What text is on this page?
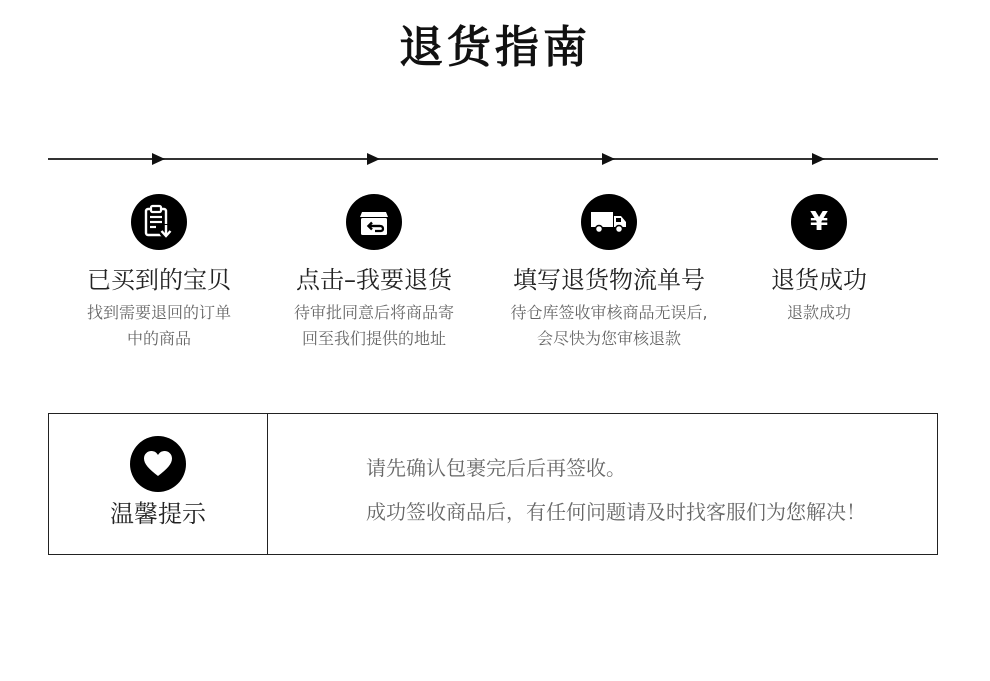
退货指南
已买到的宝贝
找到需要退回的订单
中的商品
点击–我要退货
待审批同意后将商品寄
回至我们提供的地址
填写退货物流单号
待仓库签收审核商品无误后,
会尽快为您审核退款
¥
退货成功
退款成功
温馨提示
请先确认包裹完后后再签收。
成功签收商品后，有任何问题请及时找客服们为您解决！
